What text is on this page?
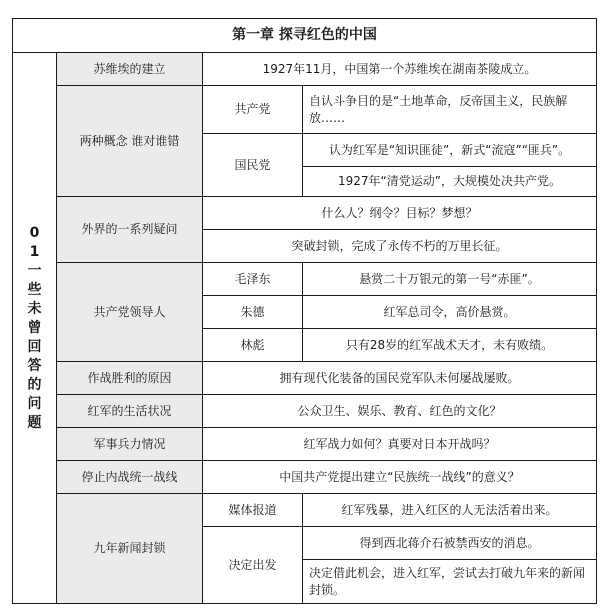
第一章 探寻红色的中国			
01一些未曾回答的问题	苏维埃的建立	1927年11月，中国第一个苏维埃在湖南茶陵成立。	
	两种概念 谁对谁错	共产党	自认斗争目的是“土地革命，反帝国主义，民族解放……
		国民党	认为红军是“知识匪徒”，新式“流寇”“匪兵”。
			1927年“清党运动”，大规模处决共产党。
	外界的一系列疑问	什么人？纲令？目标？梦想？	
		突破封锁，完成了永传不朽的万里长征。	
	共产党领导人	毛泽东	悬赏二十万银元的第一号“赤匪”。
		朱德	红军总司令，高价悬赏。
		林彪	只有28岁的红军战术天才，未有败绩。
	作战胜利的原因	拥有现代化装备的国民党军队未何屡战屡败。	
	红军的生活状况	公众卫生、娱乐、教育、红色的文化？	
	军事兵力情况	红军战力如何？真要对日本开战吗？	
	停止内战统一战线	中国共产党提出建立“民族统一战线”的意义？	
	九年新闻封锁	媒体报道	红军残暴，进入红区的人无法活着出来。
		决定出发	得到西北蒋介石被禁西安的消息。
			决定借此机会，进入红军，尝试去打破九年来的新闻封锁。
